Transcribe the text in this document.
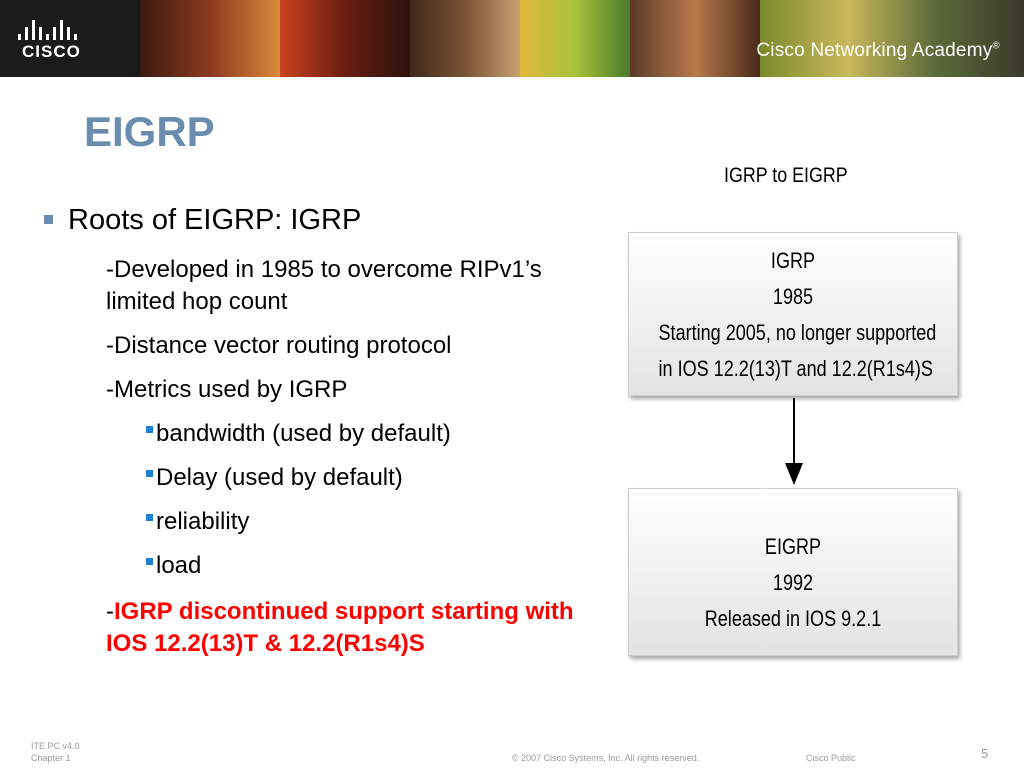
CISCO	Cisco Networking Academy®
EIGRP
Roots of EIGRP: IGRP
-Developed in 1985 to overcome RIPv1’s limited hop count
-Distance vector routing protocol
-Metrics used by IGRP
bandwidth (used by default)
Delay (used by default)
reliability
load
-IGRP discontinued support starting with IOS 12.2(13)T & 12.2(R1s4)S
IGRP to EIGRP
IGRP
1985
Starting 2005, no longer supported
in IOS 12.2(13)T and 12.2(R1s4)S
EIGRP
1992
Released in IOS 9.2.1
ITE PC v4.0
Chapter 1	© 2007 Cisco Systems, Inc. All rights reserved.	Cisco Public	5
